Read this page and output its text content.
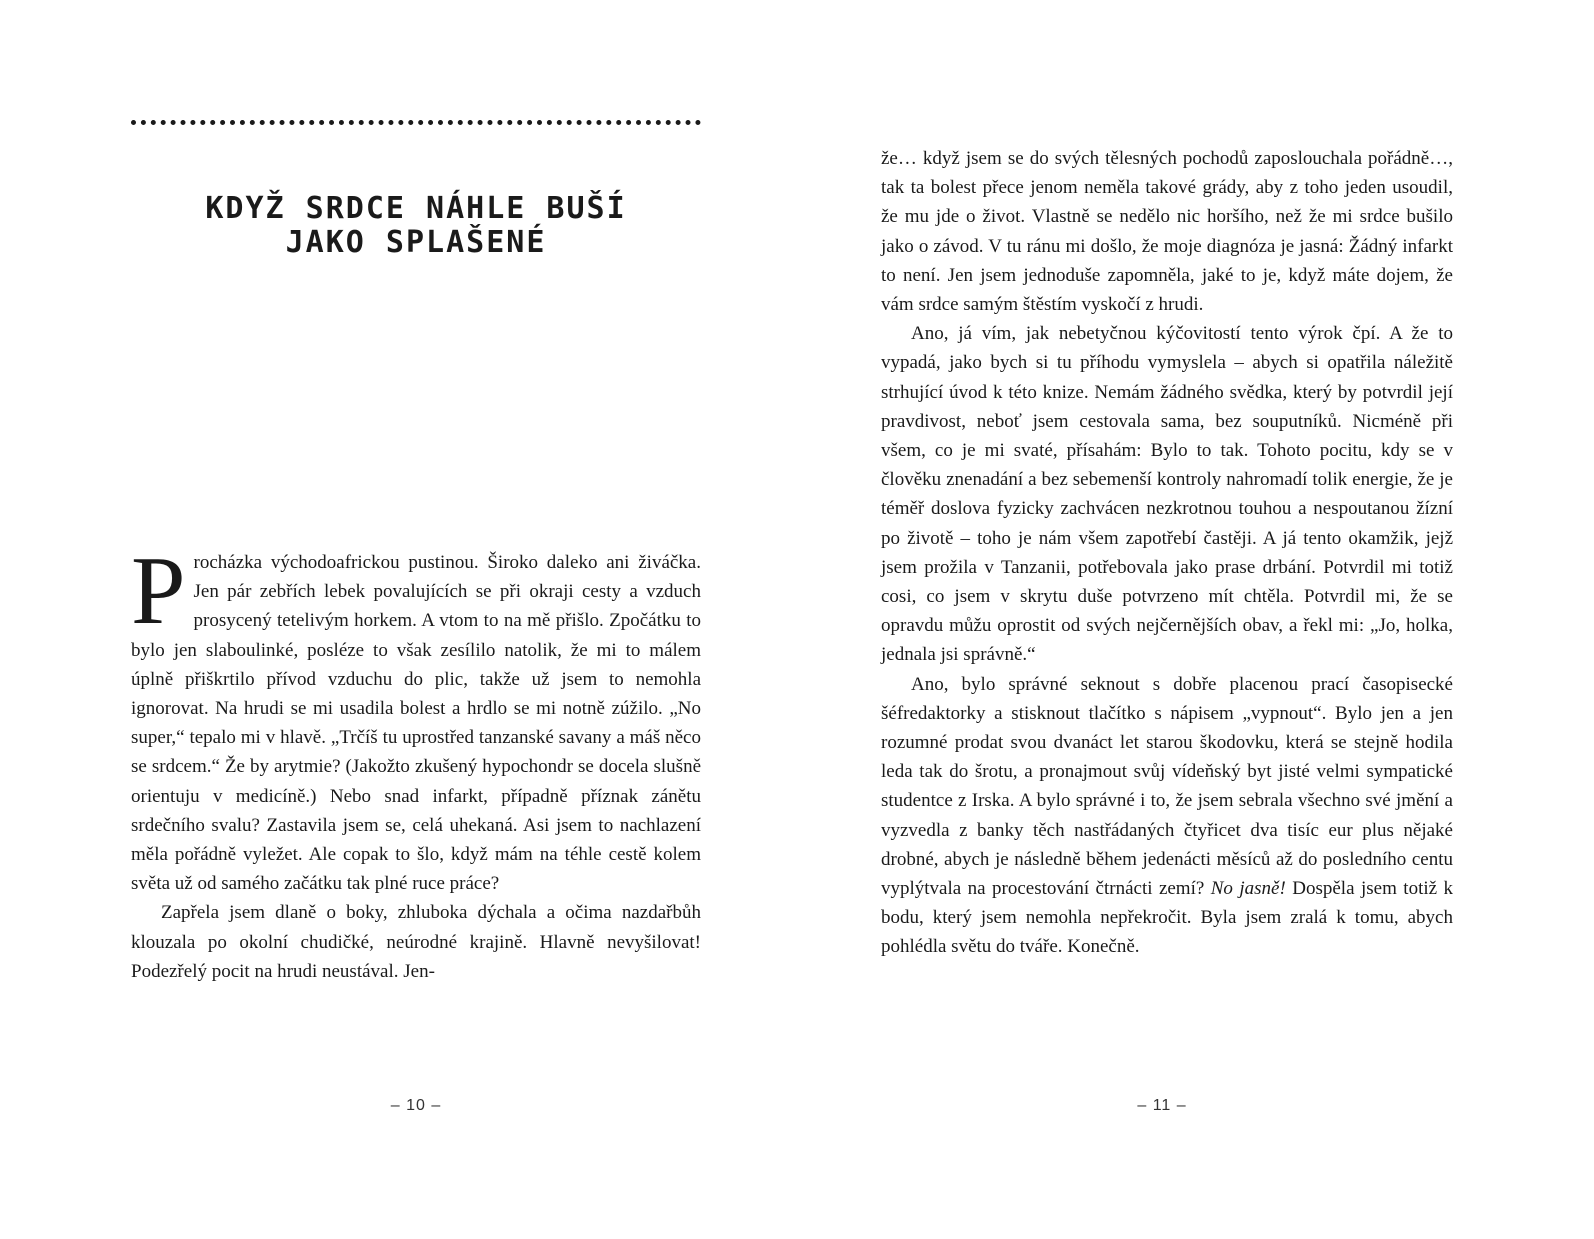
KDYŽ SRDCE NÁHLE BUŠÍ
JAKO SPLAŠENÉ

Procházka východoafrickou pustinou. Široko daleko ani živáčka. Jen pár zebřích lebek povalujících se při okraji cesty a vzduch prosycený tetelivým horkem. A vtom to na mě přišlo. Zpočátku to bylo jen slaboulinké, posléze to však zesílilo natolik, že mi to málem úplně přiškrtilo přívod vzduchu do plic, takže už jsem to nemohla ignorovat. Na hrudi se mi usadila bolest a hrdlo se mi notně zúžilo. „No super,“ tepalo mi v hlavě. „Trčíš tu uprostřed tanzanské savany a máš něco se srdcem.“ Že by arytmie? (Jakožto zkušený hypochondr se docela slušně orientuju v medicíně.) Nebo snad infarkt, případně příznak zánětu srdečního svalu? Zastavila jsem se, celá uhekaná. Asi jsem to nachlazení měla pořádně vyležet. Ale copak to šlo, když mám na téhle cestě kolem světa už od samého začátku tak plné ruce práce?

Zapřela jsem dlaně o boky, zhluboka dýchala a očima nazdařbůh klouzala po okolní chudičké, neúrodné krajině. Hlavně nevyšilovat! Podezřelý pocit na hrudi neustával. Jen-

– 10 –

že… když jsem se do svých tělesných pochodů zaposlouchala pořádně…, tak ta bolest přece jenom neměla takové grády, aby z toho jeden usoudil, že mu jde o život. Vlastně se nedělo nic horšího, než že mi srdce bušilo jako o závod. V tu ránu mi došlo, že moje diagnóza je jasná: Žádný infarkt to není. Jen jsem jednoduše zapomněla, jaké to je, když máte dojem, že vám srdce samým štěstím vyskočí z hrudi.

Ano, já vím, jak nebetyčnou kýčovitostí tento výrok čpí. A že to vypadá, jako bych si tu příhodu vymyslela – abych si opatřila náležitě strhující úvod k této knize. Nemám žádného svědka, který by potvrdil její pravdivost, neboť jsem cestovala sama, bez souputníků. Nicméně při všem, co je mi svaté, přísahám: Bylo to tak. Tohoto pocitu, kdy se v člověku znenadání a bez sebemenší kontroly nahromadí tolik energie, že je téměř doslova fyzicky zachvácen nezkrotnou touhou a nespoutanou žízní po životě – toho je nám všem zapotřebí častěji. A já tento okamžik, jejž jsem prožila v Tanzanii, potřebovala jako prase drbání. Potvrdil mi totiž cosi, co jsem v skrytu duše potvrzeno mít chtěla. Potvrdil mi, že se opravdu můžu oprostit od svých nejčernějších obav, a řekl mi: „Jo, holka, jednala jsi správně.“

Ano, bylo správné seknout s dobře placenou prací časopisecké šéfredaktorky a stisknout tlačítko s nápisem „vypnout“. Bylo jen a jen rozumné prodat svou dvanáct let starou škodovku, která se stejně hodila leda tak do šrotu, a pronajmout svůj vídeňský byt jisté velmi sympatické studentce z Irska. A bylo správné i to, že jsem sebrala všechno své jmění a vyzvedla z banky těch nastřádaných čtyřicet dva tisíc eur plus nějaké drobné, abych je následně během jedenácti měsíců až do posledního centu vyplýtvala na procestování čtrnácti zemí? No jasně! Dospěla jsem totiž k bodu, který jsem nemohla nepřekročit. Byla jsem zralá k tomu, abych pohlédla světu do tváře. Konečně.

– 11 –
